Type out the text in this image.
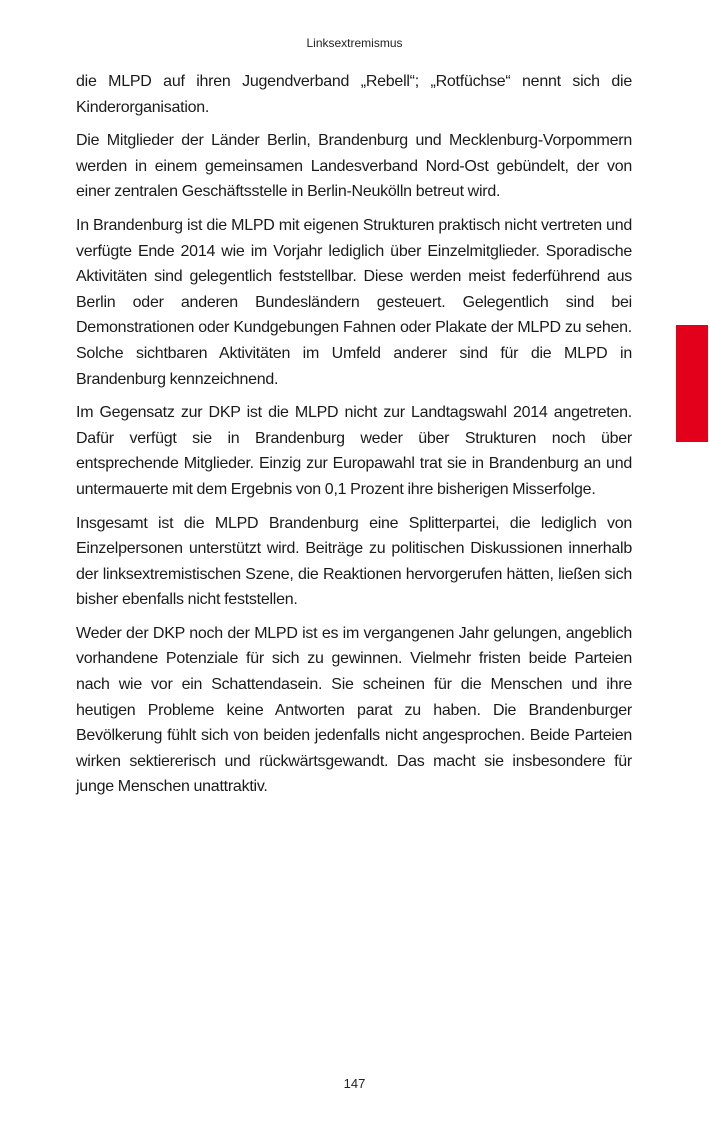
Linksextremismus

die MLPD auf ihren Jugendverband „Rebell“; „Rotfüchse“ nennt sich die Kinderorganisation.

Die Mitglieder der Länder Berlin, Brandenburg und Mecklenburg-Vorpommern werden in einem gemeinsamen Landesverband Nord-Ost gebündelt, der von einer zentralen Geschäftsstelle in Berlin-Neukölln betreut wird.

In Brandenburg ist die MLPD mit eigenen Strukturen praktisch nicht vertreten und verfügte Ende 2014 wie im Vorjahr lediglich über Einzelmitglieder. Sporadische Aktivitäten sind gelegentlich feststellbar. Diese werden meist federführend aus Berlin oder anderen Bundesländern gesteuert. Gelegentlich sind bei Demonstrationen oder Kundgebungen Fahnen oder Plakate der MLPD zu sehen. Solche sichtbaren Aktivitäten im Umfeld anderer sind für die MLPD in Brandenburg kennzeichnend.

Im Gegensatz zur DKP ist die MLPD nicht zur Landtagswahl 2014 angetreten. Dafür verfügt sie in Brandenburg weder über Strukturen noch über entsprechende Mitglieder. Einzig zur Europawahl trat sie in Brandenburg an und untermauerte mit dem Ergebnis von 0,1 Prozent ihre bisherigen Misserfolge.

Insgesamt ist die MLPD Brandenburg eine Splitterpartei, die lediglich von Einzelpersonen unterstützt wird. Beiträge zu politischen Diskussionen innerhalb der linksextremistischen Szene, die Reaktionen hervorgerufen hätten, ließen sich bisher ebenfalls nicht feststellen.

Weder der DKP noch der MLPD ist es im vergangenen Jahr gelungen, angeblich vorhandene Potenziale für sich zu gewinnen. Vielmehr fristen beide Parteien nach wie vor ein Schattendasein. Sie scheinen für die Menschen und ihre heutigen Probleme keine Antworten parat zu haben. Die Brandenburger Bevölkerung fühlt sich von beiden jedenfalls nicht angesprochen. Beide Parteien wirken sektiererisch und rückwärtsgewandt. Das macht sie insbesondere für junge Menschen unattraktiv.

147
